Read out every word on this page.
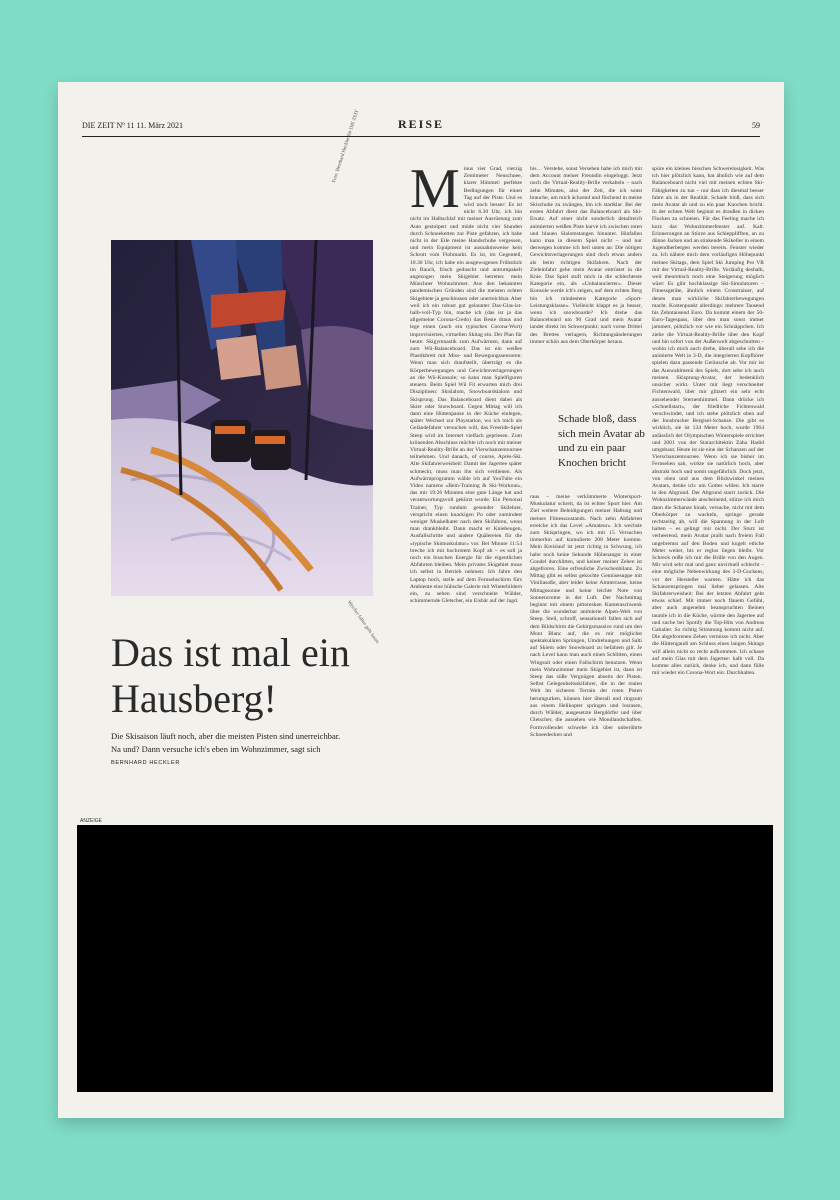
DIE ZEIT Nº 11 11. März 2021	REISE	59
Foto: Bernhard Heckler für DIE ZEIT
Weicher fallen geht kaum
Das ist mal ein Hausberg!
Die Skisaison läuft noch, aber die meisten Pisten sind unerreichbar. Na und? Dann versuche ich's eben im Wohnzimmer, sagt sich BERNHARD HECKLER
M inus vier Grad, vierzig Zentimeter Neuschnee, klarer Himmel: perfekte Bedingungen für einen Tag auf der Piste. Und es wird noch besser: Es ist nicht 6.30 Uhr, ich bin nicht im Halbschlaf mit meiner Ausrüstung zum Auto gestolpert und müde nicht vier Stunden durch Schneeketten zur Piste gefahren, ich habe nicht in der Eile meine Handschuhe vergessen, und mein Equipment ist ausnahmsweise kein Schrott vom Flohmarkt. Es ist, im Gegenteil, 10.30 Uhr, ich habe ein ausgewogenes Frühstück im Bauch, frisch geduscht und antrumpakelt angezogen mein Skigebiet betreten: mein Münchner Wohnzimmer. Aus den bekannten pandemischen Gründen sind die meisten echten Skigebiete ja geschlossen oder unerreichbar. Aber weil ich ein robust gut gelaunter Das-Glas-ist-halb-voll-Typ bin, mache ich (das ist ja das allgemeine Corona-Credo) das Beste draus und lege einen (auch ein typisches Corona-Wort) improvisierten, virtuellen Skitag ein. Der Plan für heute: Skigymnastik zum Aufwärmen, dann auf zum Wii-Balanceboard. Das ist ein weißes Plastikbrett mit Miss- und Bewegungssensoren: Wenn man sich draufstellt, überträgt es die Körperbewegungen und Gewichtsverlagerungen an die Wii-Konsole; so kann man Spielfiguren steuern. Beim Spiel Wii Fit erwarten mich drei Disziplinen: Skislalom, Snowboardslalom und Skisprung. Das Balanceboard dient dabei als Skier oder Snowboard. Gegen Mittag will ich dann eine Hüttenpause in der Küche einlegen, später Wechsel zur Playstation, wo ich mich als Geländefahrer versuchen will, das Freeride-Spiel Steep wird im Internet vielfach gepriesen. Zum krönenden Abschluss möchte ich noch mit meiner Virtual-Reality-Brille an der Vierschanzentournee teilnehmen. Und danach, of course, Après-Ski. Alte Skifahrerweisheit: Damit der Jagertee später schmeckt, muss man ihn sich verdienen. Als Aufwärmprogramm wähle ich auf YouTube ein Video namens »Bein-Training & Ski-Workout«, das mir 19:26 Minuten eine gute Länge hat und verantwortungsvoll gekürzt wurde. Ein Personal Trainer, Typ rundum gesunder Skilehrer, verspricht einen knackigen Po oder zumindest weniger Muskelkater nach dem Skifahren, wenn man drankbleibt. Dann macht er Kniebeugen, Ausfallschritte und andere Quälereien für die »typische Skimuskulatur« vor. Bei Minute 11:54 breche ich mit hochrotem Kopf ab – es soll ja noch ein bisschen Energie für die eigentlichen Abfahrten bleiben. Mein privates Skigebiet muss ich selbst in Betrieb nehmen: Ich fahre den Laptop hoch, stelle auf dem Fernsehschirm fürs Ambiente eine hübsche Galerie mit Winterbildern ein, zu sehen sind verschneite Wälder, schimmernde Gletscher, ein Eisbär auf der Jagd.

bis… Verstehe, sonst Versehen habe ich mich mit dem Account meiner Freundin eingeloggt. Jetzt noch die Virtual-Reality-Brille verkabeln – nach zehn Minuten, also der Zeit, die ich sonst brauche, um mich ächzend und fluchend in meine Skischuhe zu zwängen, bin ich startklar. Bei der ersten Abfahrt dient das Balanceboard als Ski-Ersatz. Auf einer nicht sonderlich detailreich animierten weißen Piste kurve ich zwischen roten und blauen Slalomstangen hinunter. Hinfallen kann man in diesem Spiel nicht – und nur deswegen komme ich heil unten an: Die nötigen Gewichtsverlagerungen sind doch etwas anders als beim richtigen Skifahren. Nach der Zieleinfahrt gehe mein Avatar entrüstet in die Knie. Das Spiel stuft mich in die schlechteste Kategorie ein, als »Unbalancierter«. Dieser Konsole werde ich's zeigen, auf dem echten Berg bin ich mindestens Kategorie »Sport-Leistungsklasse«. Vielleicht klappt es ja besser, wenn ich snowboarde? Ich drehe das Balanceboard um 90 Grad und mein Avatar landet direkt im Schwerpunkt; nach vorne Drittel des Brettes verlagern, Richtungsänderungen immer schön aus dem Oberkörper heraus.

raus – meine verkümmerte Wintersport-Muskulatur schreit, da ist echter Sport hier. Am Ziel weitere Beleidigungen meiner Haltung und meines Fitnesszustands. Nach zehn Abfahrten erreiche ich das Level »Amateur«. Ich wechsle zum Skispringen, wo ich mit 15 Versuchen immerhin auf kumulierte 208 Meter komme. Mein Kreislauf ist jetzt richtig in Schwung, ich habe noch keine Sekunde Höhenangst in einer Gondel durchlitten, und keiner meiner Zehen ist abgefroren. Eine erfreuliche Zwischenbilanz. Zu Mittag gibt es selbst gekochte Gemüsesuppe mit Vinillasoße, aber leider keine Almterrasse, keine Mittagssonne und keine leichte Note von Sonnencreme in der Luft. Der Nachmittag beginnt mit einem pittoresken Kameraschwenk über die wunderbar animierte Alpen-Welt von Steep. Steil, schroff, sensationell fallen sich auf dem Bildschirm die Gebirgsmassive rund um den Mont Blanc auf, die es mir möglichst spektakulären Sprüngen, Umdrehungen und Salti auf Skiern oder Snowboard zu befahren gilt. Je nach Level kann man auch einen Schlitten, einen Wingsuit oder einen Fallschirm benutzen. Wenn mein Wohnzimmer mein Skigebiet ist, dann ist Steep das süße Vergnügen abseits der Pisten. Selbst Gelegenheitsskifahrer, die in der realen Welt im sicheren Terrain der roten Pisten herumgurken, können hier überall und ringsum aus einem Helikopter springen und losrasen, durch Wälder, ausgesetzte Bergdörfer und über Gletscher, die aussehen wie Mondlandschaften. Formvollendet schwebe ich über unberührte Schneedecken und

Schade bloß, dass sich mein Avatar ab und zu ein paar Knochen bricht

spüre ein kleines bisschen Schwerelosigkeit. Was ich hier plötzlich kann, hat ähnlich wie auf dem Balanceboard nicht viel mit meinen echten Ski-Fähigkeiten zu tun – nur dass ich diesmal besser fahre als in der Realität. Schade bloß, dass sich mein Avatar ab und zu ein paar Knochen bricht. In der echten Welt beginnt es draußen in dicken Flocken zu schneien. Für das Feeling mache ich kurz das Wohnzimmerfenster auf. Kalt. Erinnerungen an Stürze aus Schlepplifften, an zu dünne Jacken und an stinkende Skikeller in einem Jugendherbergen werden bereits. Fenster wieder zu. Ich nähere mich dem vorläufigen Höhepunkt meines Skitags, dem Spiel Ski Jumping Pro VR mit der Virtual-Reality-Brille. Vorläufig deshalb, weil theoretisch noch eine Steigerung möglich wäre: Es gibt hochklassige Ski-Simulatoren – Fitnessgeräte, ähnlich einem Crosstrainer, auf denen man wirkliche Skifahrerbewegungen macht. Kostenpunkt allerdings: mehrere Tausend bis Zehntausend Euro. Da kommt einem der 50-Euro-Tagespass, über den man sonst immer jammert, plötzlich vor wie ein Schnäppchen. Ich ziehe die Virtual-Reality-Brille über den Kopf und bin sofort von der Außenwelt abgeschnitten – wohin ich mich auch drehe, überall sehe ich die animierte Welt in 3-D, die integrierten Kopfhörer spielen dazu passende Geräusche ab. Vor mir ist das Auswahlmenü des Spiels, dort sehe ich auch meinen Skisprung-Avatar, der bedenklich unsicher wirkt. Unter mir liegt verschneiter Fichtenwald, über mir glitzert ein sehr echt aussehender Sternenhimmel. Dann drücke ich »Schnellstart«, der friedliche Fichtenwald verschwindet, und ich stehe plötzlich oben auf der Innsbrucker Bergisel-Schanze. Die gibt es wirklich, sie ist 134 Meter hoch, wurde 1964 anlässlich der Olympischen Winterspiele errichtet und 2001 von der Stararchitektin Zaha Hadid umgebaut. Heute ist sie eine der Schanzen auf der Vierschanzentournee. Wenn ich sie bisher im Fernsehen sah, wirkte sie natürlich hoch, aber abstrakt hoch und somit ungefährlich. Doch jetzt, von oben und aus dem Blickwinkel meines Avatars, denke ich: um Gottes willen. Ich starre in den Abgrund. Der Abgrund starrt zurück. Die Wohnzimmerwände anscheinend, stürze ich mich dann die Schanze hinab, versuche, nicht mit dem Oberkörper zu wackeln, springe gerade rechtzeitig ab, will die Spannung in der Luft halten – es gelingt mir nicht. Der Sturz ist verheerend, mein Avatar prallt nach freiem Fall ungebremst auf den Boden und kugelt etliche Meter weiter, bis er reglos liegen bleibt. Vor Schreck reiße ich mir die Brille von den Augen. Mir wird sehr mal und ganz unvirtuell schlecht – eine mögliche Nebenwirkung des 3-D-Guckens, vor der Hersteller warnen. Hätte ich das Schanzenspringen mal lieber gelassen. Alte Skifahrerweisheit: Bei der letzten Abfahrt geht etwas schief. Mit immer noch flauem Gefühl, aber auch angenehm beanspruchten Beinen taumle ich in die Küche, wärme den Jagertee auf und suche bei Spotify die Top-Hits von Andreas Gabalier. So richtig Stimmung kommt nicht auf. Die abgefrorenen Zehen vermisse ich nicht. Aber die Hüttengaudi am Schluss eines langen Skitags will allein nicht so recht aufkommen. Ich schaue auf mein Glas mit dem Jagertee: halb voll. Da komme alles zurück, denke ich, und dann fülle mir wieder ein Corona-Wort ein: Durchhalten.

ANZEIGE
